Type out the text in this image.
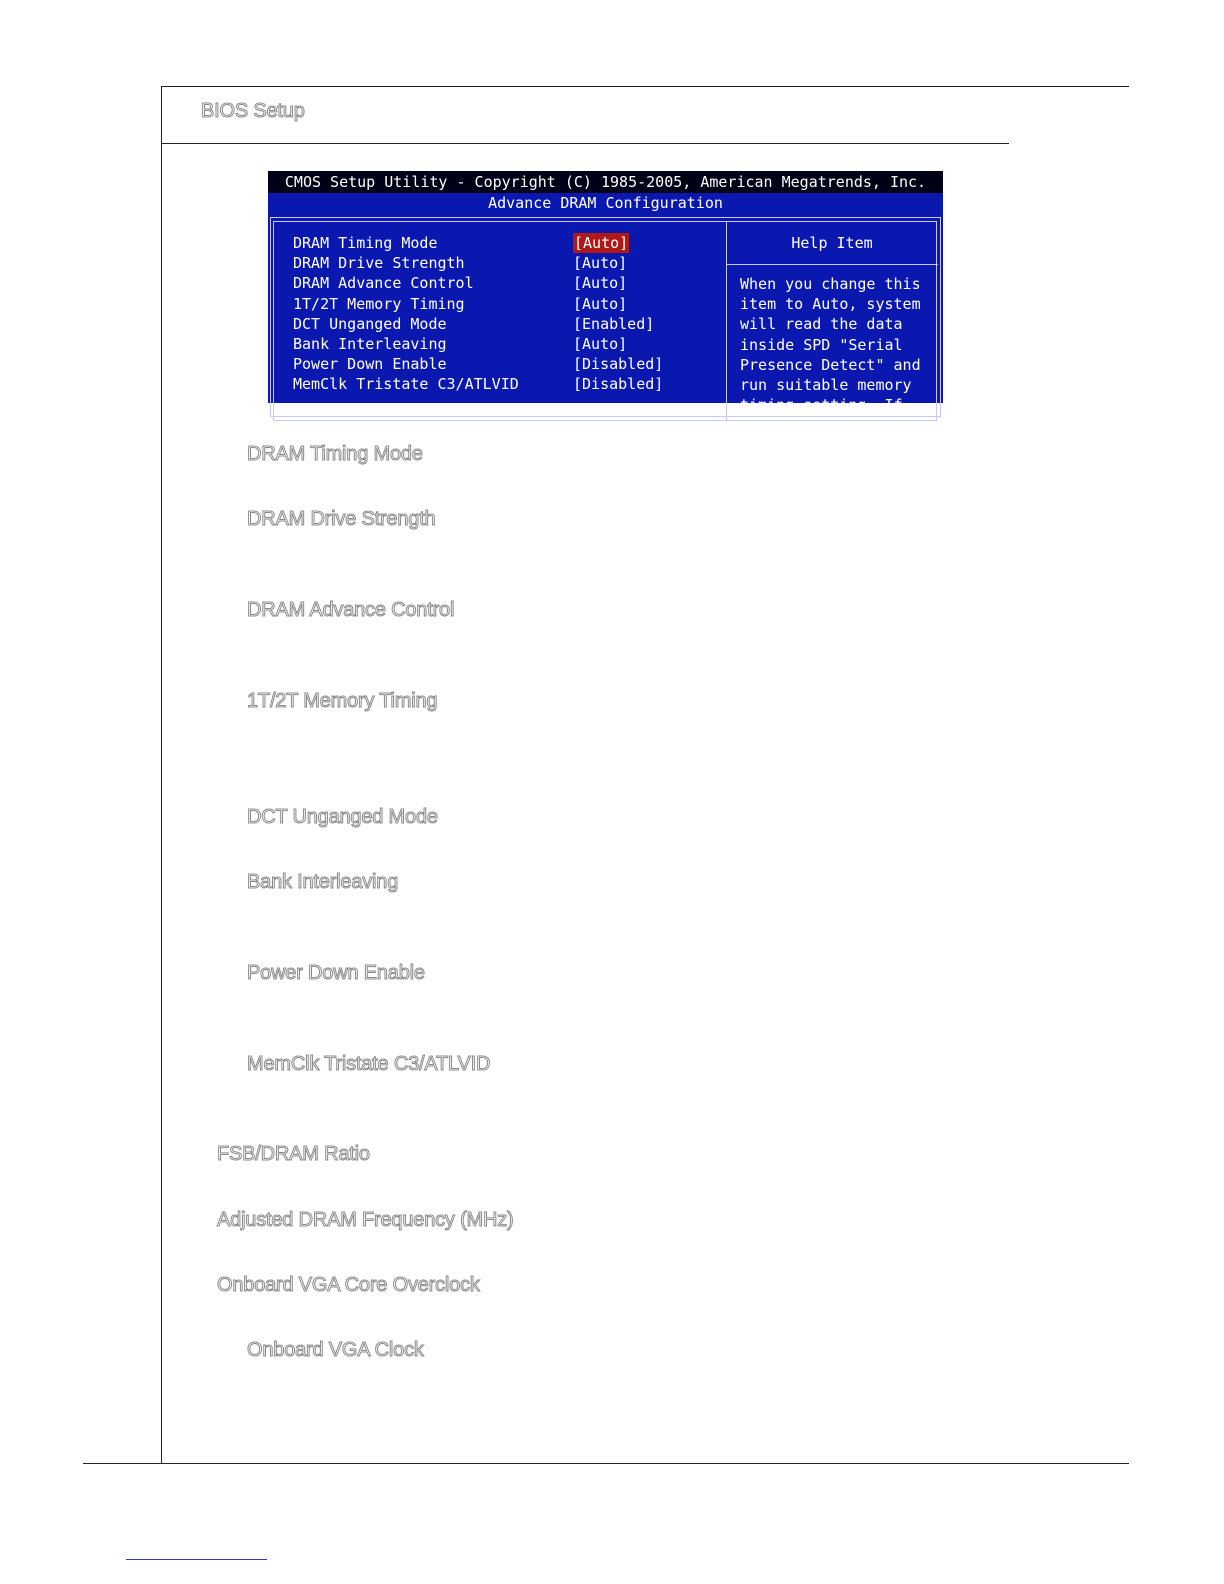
BIOS Setup
CMOS Setup Utility - Copyright (C) 1985-2005, American Megatrends, Inc.
Advance DRAM Configuration
DRAM Timing Mode	[Auto]
DRAM Drive Strength	[Auto]
DRAM Advance Control	[Auto]
1T/2T Memory Timing	[Auto]
DCT Unganged Mode	[Enabled]
Bank Interleaving	[Auto]
Power Down Enable	[Disabled]
MemClk Tristate C3/ATLVID	[Disabled]
Help Item
When you change this
item to Auto, system
will read the data
inside SPD "Serial
Presence Detect" and
run suitable memory
timing setting. If
DRAM Timing Mode
DRAM Drive Strength
DRAM Advance Control
1T/2T Memory Timing
DCT Unganged Mode
Bank Interleaving
Power Down Enable
MemClk Tristate C3/ATLVID
FSB/DRAM Ratio
Adjusted DRAM Frequency (MHz)
Onboard VGA Core Overclock
Onboard VGA Clock
